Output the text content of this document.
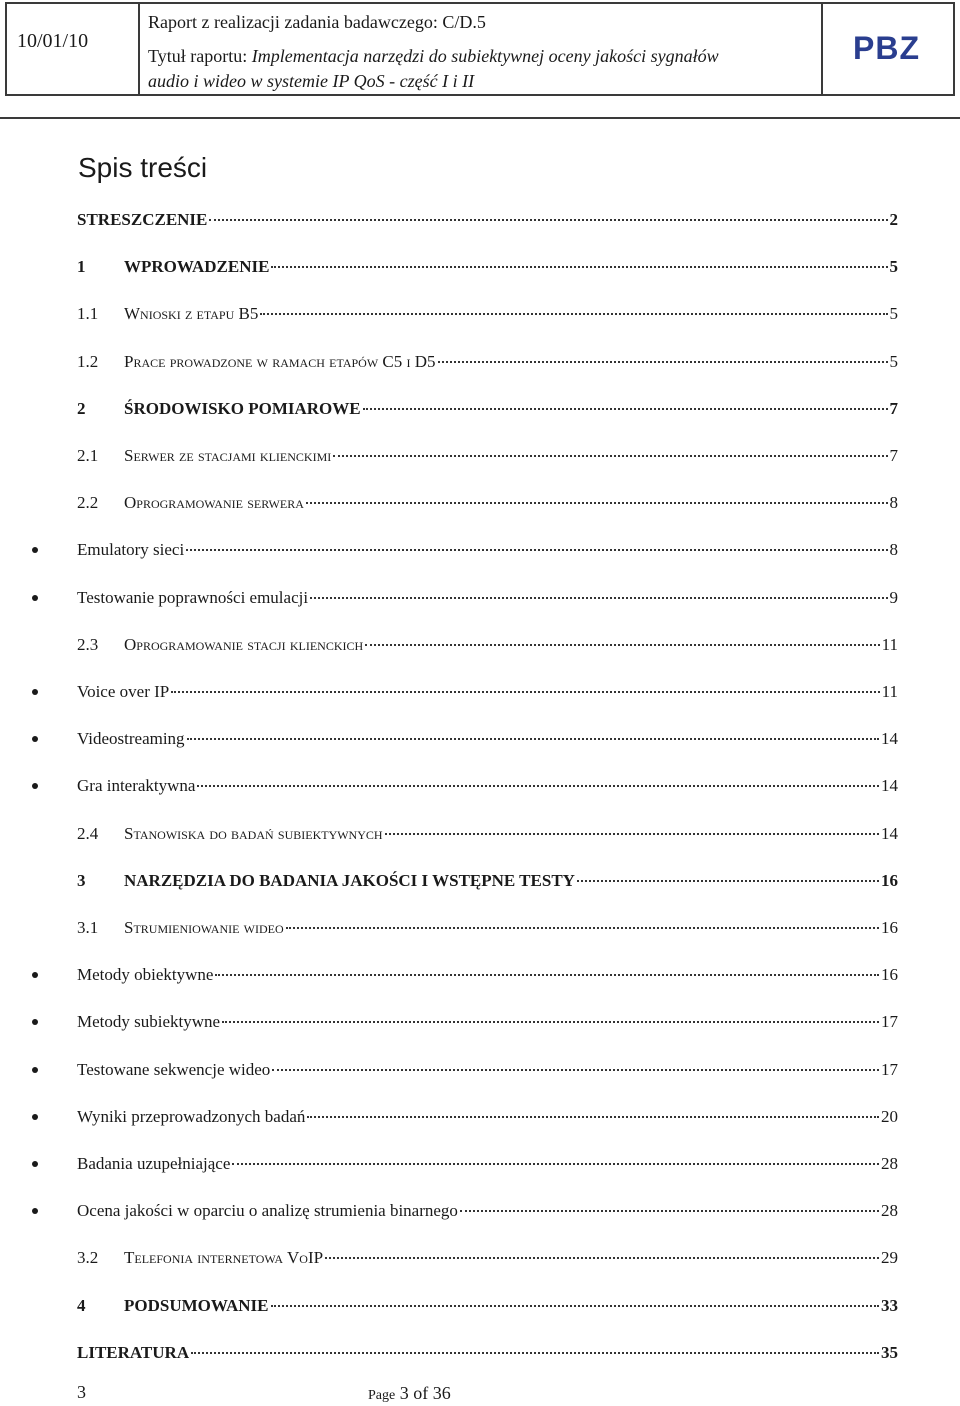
10/01/10
Raport z realizacji zadania badawczego: C/D.5
Tytuł raportu: Implementacja narzędzi do subiektywnej oceny jakości sygnałów
audio i wideo w systemie IP QoS - część I i II
PBZ
Spis treści
STRESZCZENIE	2
1	WPROWADZENIE	5
1.1	Wnioski z etapu B5	5
1.2	Prace prowadzone w ramach etapów C5 i D5	5
2	ŚRODOWISKO POMIAROWE	7
2.1	Serwer ze stacjami klienckimi	7
2.2	Oprogramowanie serwera	8
Emulatory sieci	8
Testowanie poprawności emulacji	9
2.3	Oprogramowanie stacji klienckich	11
Voice over IP	11
Videostreaming	14
Gra interaktywna	14
2.4	Stanowiska do badań subiektywnych	14
3	NARZĘDZIA DO BADANIA JAKOŚCI I WSTĘPNE TESTY	16
3.1	Strumieniowanie wideo	16
Metody obiektywne	16
Metody subiektywne	17
Testowane sekwencje wideo	17
Wyniki przeprowadzonych badań	20
Badania uzupełniające	28
Ocena jakości w oparciu o analizę strumienia binarnego	28
3.2	Telefonia internetowa VoIP	29
4	PODSUMOWANIE	33
LITERATURA	35
3	Page 3 of 36
